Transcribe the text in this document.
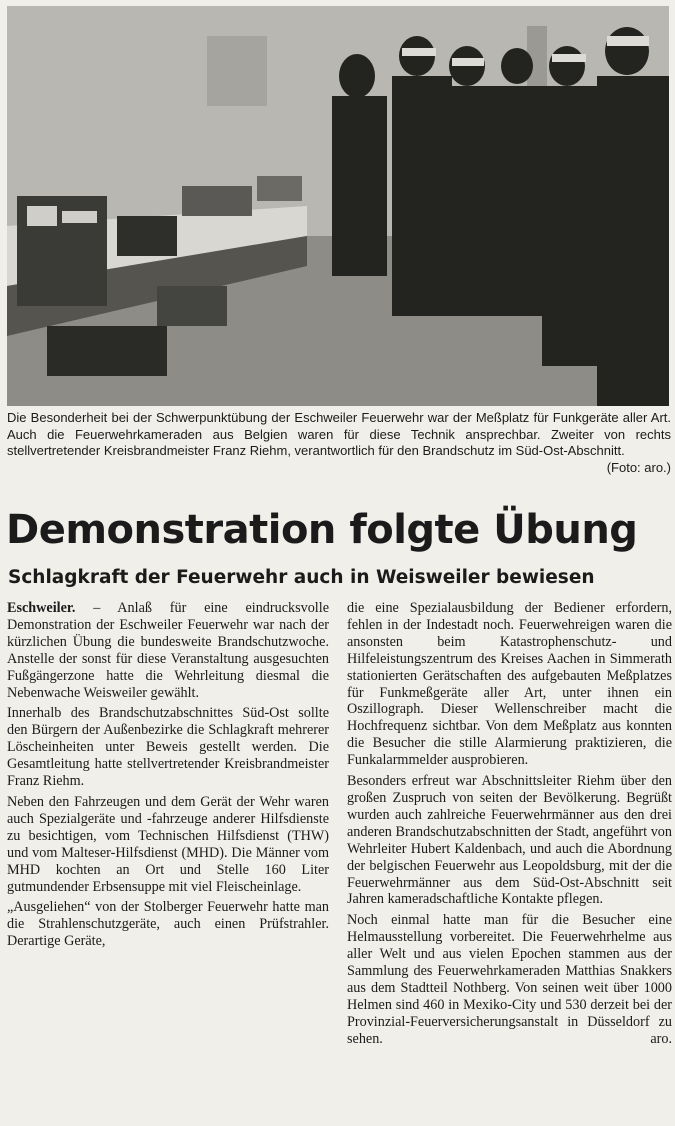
Die Besonderheit bei der Schwerpunktübung der Eschweiler Feuerwehr war der Meßplatz für Funkgeräte aller Art. Auch die Feuerwehrkameraden aus Belgien waren für diese Technik ansprechbar. Zweiter von rechts stellvertretender Kreisbrandmeister Franz Riehm, verantwortlich für den Brandschutz im Süd-Ost-Abschnitt.
(Foto: aro.)
Demonstration folgte Übung
Schlagkraft der Feuerwehr auch in Weisweiler bewiesen

Eschweiler. – Anlaß für eine eindrucksvolle Demonstration der Eschweiler Feuerwehr war nach der kürzlichen Übung die bundesweite Brandschutzwoche. Anstelle der sonst für diese Veranstaltung ausgesuchten Fußgängerzone hatte die Wehrleitung diesmal die Nebenwache Weisweiler gewählt.

Innerhalb des Brandschutzabschnittes Süd-Ost sollte den Bürgern der Außenbezirke die Schlagkraft mehrerer Löscheinheiten unter Beweis gestellt werden. Die Gesamtleitung hatte stellvertretender Kreisbrandmeister Franz Riehm.

Neben den Fahrzeugen und dem Gerät der Wehr waren auch Spezialgeräte und -fahrzeuge anderer Hilfsdienste zu besichtigen, vom Technischen Hilfsdienst (THW) und vom Malteser-Hilfsdienst (MHD). Die Männer vom MHD kochten an Ort und Stelle 160 Liter gutmundender Erbsensuppe mit viel Fleischeinlage.

„Ausgeliehen“ von der Stolberger Feuerwehr hatte man die Strahlenschutzgeräte, auch einen Prüfstrahler. Derartige Geräte,

die eine Spezialausbildung der Bediener erfordern, fehlen in der Indestadt noch. Feuerwehreigen waren die ansonsten beim Katastrophenschutz- und Hilfeleistungszentrum des Kreises Aachen in Simmerath stationierten Gerätschaften des aufgebauten Meßplatzes für Funkmeßgeräte aller Art, unter ihnen ein Oszillograph. Dieser Wellenschreiber macht die Hochfrequenz sichtbar. Von dem Meßplatz aus konnten die Besucher die stille Alarmierung praktizieren, die Funkalarmmelder ausprobieren.

Besonders erfreut war Abschnittsleiter Riehm über den großen Zuspruch von seiten der Bevölkerung. Begrüßt wurden auch zahlreiche Feuerwehrmänner aus den drei anderen Brandschutzabschnitten der Stadt, angeführt von Wehrleiter Hubert Kaldenbach, und auch die Abordnung der belgischen Feuerwehr aus Leopoldsburg, mit der die Feuerwehrmänner aus dem Süd-Ost-Abschnitt seit Jahren kameradschaftliche Kontakte pflegen.

Noch einmal hatte man für die Besucher eine Helmausstellung vorbereitet. Die Feuerwehrhelme aus aller Welt und aus vielen Epochen stammen aus der Sammlung des Feuerwehrkameraden Matthias Snakkers aus dem Stadtteil Nothberg. Von seinen weit über 1000 Helmen sind 460 in Mexiko-City und 530 derzeit bei der Provinzial-Feuerversicherungsanstalt in Düsseldorf zu sehen.	aro.
